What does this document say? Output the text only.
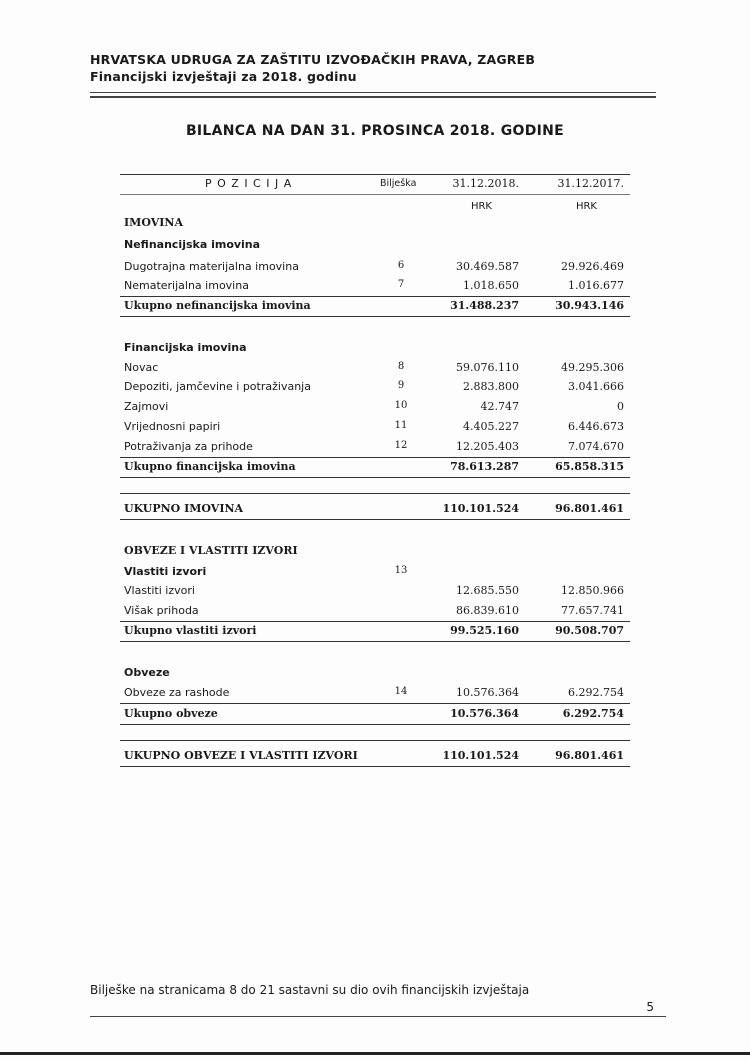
HRVATSKA UDRUGA ZA ZAŠTITU IZVOĐAČKIH PRAVA, ZAGREB
Financijski izvještaji za 2018. godinu
BILANCA NA DAN 31. PROSINCA 2018. GODINE
P O Z I C I J A	Bilješka	31.12.2018.	31.12.2017.
HRK	HRK
IMOVINA
Nefinancijska imovina
Dugotrajna materijalna imovina	6	30.469.587	29.926.469
Nematerijalna imovina	7	1.018.650	1.016.677
Ukupno nefinancijska imovina	31.488.237	30.943.146
Financijska imovina
Novac	8	59.076.110	49.295.306
Depoziti, jamčevine i potraživanja	9	2.883.800	3.041.666
Zajmovi	10	42.747	0
Vrijednosni papiri	11	4.405.227	6.446.673
Potraživanja za prihode	12	12.205.403	7.074.670
Ukupno financijska imovina	78.613.287	65.858.315
UKUPNO IMOVINA	110.101.524	96.801.461
OBVEZE I VLASTITI IZVORI
Vlastiti izvori	13
Vlastiti izvori	12.685.550	12.850.966
Višak prihoda	86.839.610	77.657.741
Ukupno vlastiti izvori	99.525.160	90.508.707
Obveze
Obveze za rashode	14	10.576.364	6.292.754
Ukupno obveze	10.576.364	6.292.754
UKUPNO OBVEZE I VLASTITI IZVORI	110.101.524	96.801.461
Bilješke na stranicama 8 do 21 sastavni su dio ovih financijskih izvještaja
5
